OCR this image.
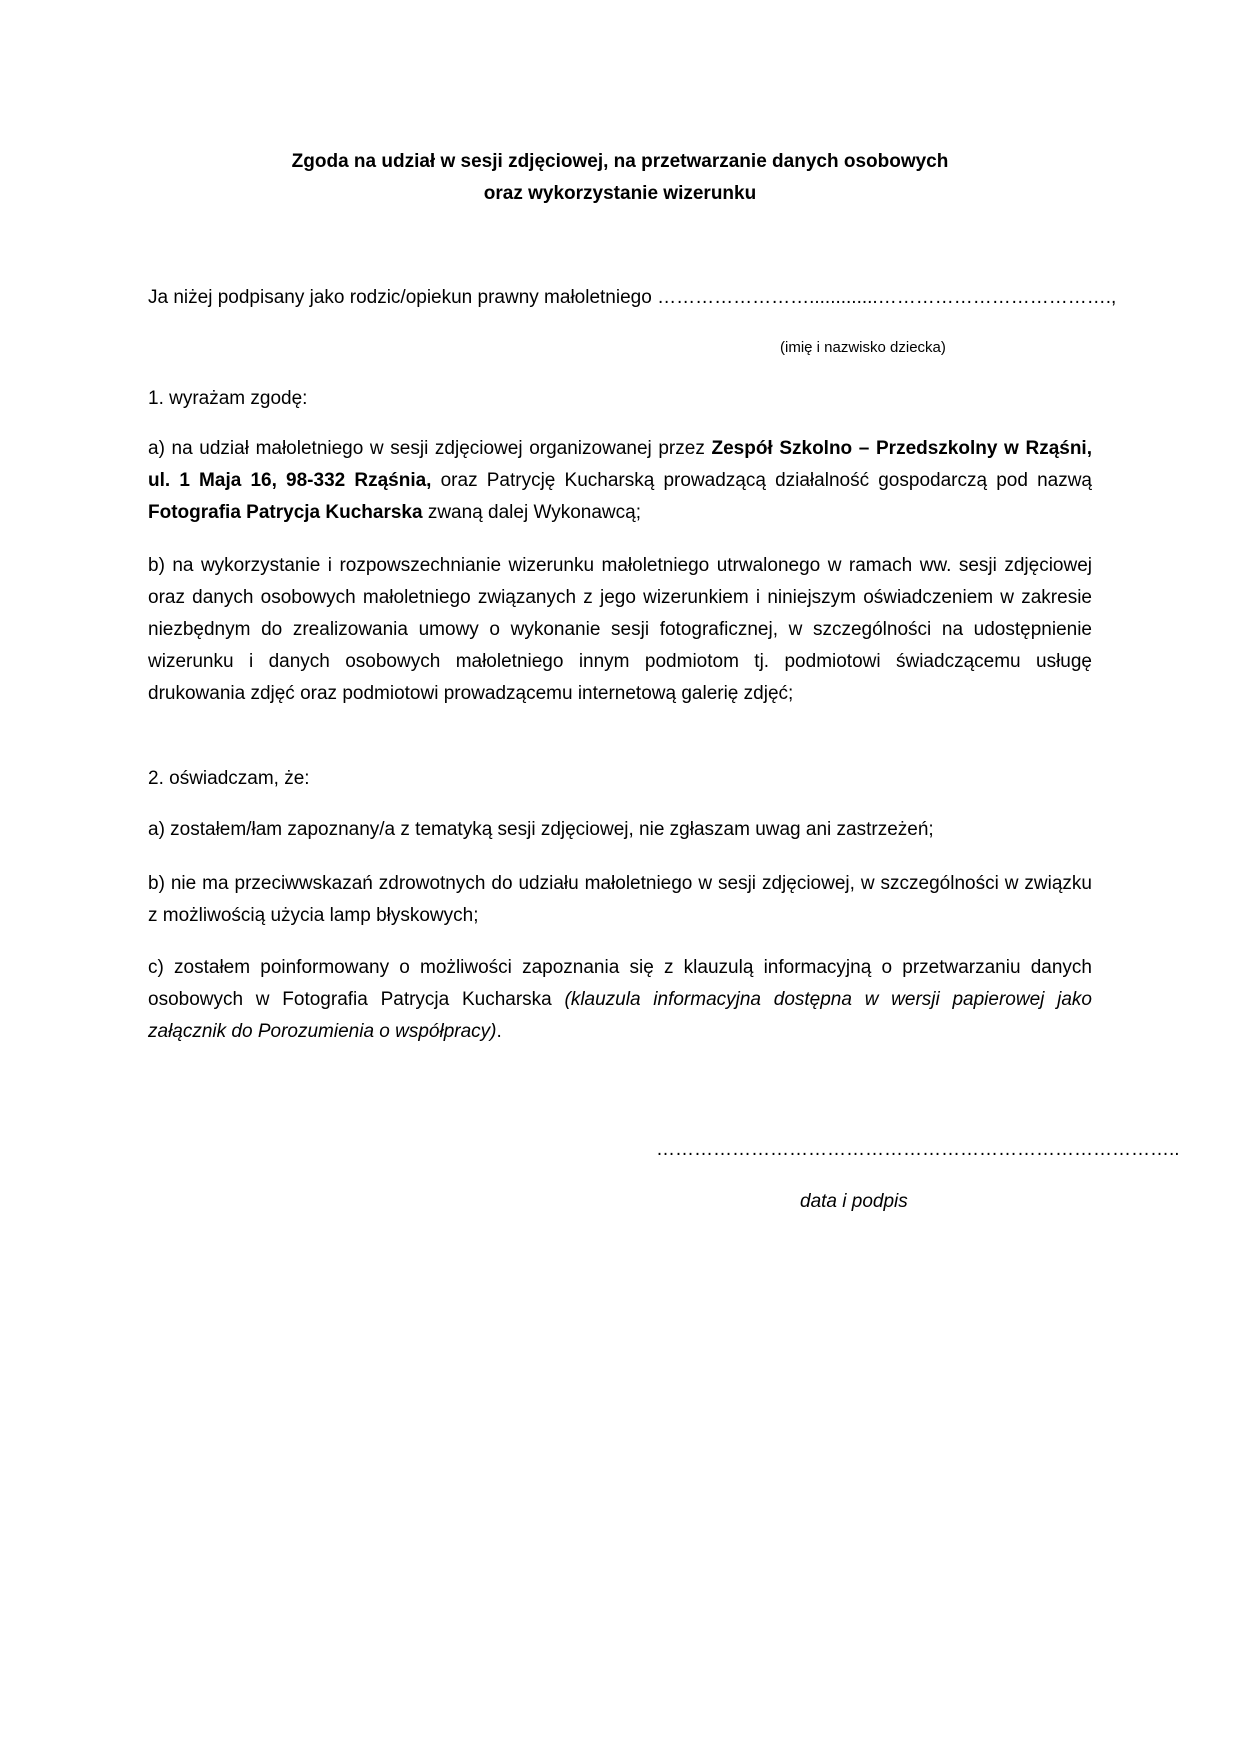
Zgoda na udział w sesji zdjęciowej, na przetwarzanie danych osobowych
oraz wykorzystanie wizerunku
Ja niżej podpisany jako rodzic/opiekun prawny małoletniego …………………….............……………………………….,
(imię i nazwisko dziecka)
1. wyrażam zgodę:
a) na udział małoletniego w sesji zdjęciowej organizowanej przez Zespół Szkolno – Przedszkolny w Rząśni, ul. 1 Maja 16, 98-332 Rząśnia, oraz Patrycję Kucharską prowadzącą działalność gospodarczą pod nazwą Fotografia Patrycja Kucharska zwaną dalej Wykonawcą;
b) na wykorzystanie i rozpowszechnianie wizerunku małoletniego utrwalonego w ramach ww. sesji zdjęciowej oraz danych osobowych małoletniego związanych z jego wizerunkiem i niniejszym oświadczeniem w zakresie niezbędnym do zrealizowania umowy o wykonanie sesji fotograficznej, w szczególności na udostępnienie wizerunku i danych osobowych małoletniego innym podmiotom tj. podmiotowi świadczącemu usługę drukowania zdjęć oraz podmiotowi prowadzącemu internetową galerię zdjęć;
2. oświadczam, że:
a) zostałem/łam zapoznany/a z tematyką sesji zdjęciowej, nie zgłaszam uwag ani zastrzeżeń;
b) nie ma przeciwwskazań zdrowotnych do udziału małoletniego w sesji zdjęciowej, w szczególności w związku z możliwością użycia lamp błyskowych;
c) zostałem poinformowany o możliwości zapoznania się z klauzulą informacyjną o przetwarzaniu danych osobowych w Fotografia Patrycja Kucharska (klauzula informacyjna dostępna w wersji papierowej jako załącznik do Porozumienia o współpracy).
………………………………………………………………………..
data i podpis
